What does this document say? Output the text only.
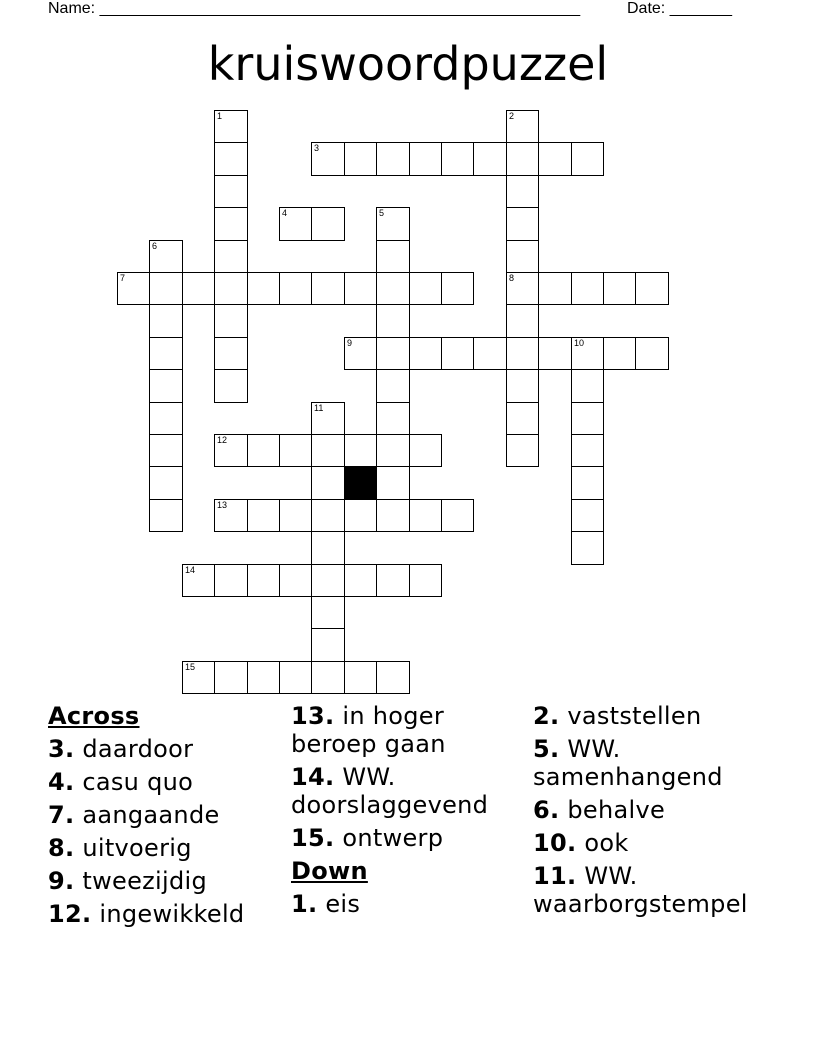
Name: ______________________________________________________	Date: _______
kruiswoordpuzzel
1	2
8
3
4	5
6
7
9	10
11
12
13
14
15
Across
3. daardoor
4. casu quo
7. aangaande
8. uitvoerig
9. tweezijdig
12. ingewikkeld
13. in hoger beroep gaan
14. WW. doorslaggevend
15. ontwerp
Down
1. eis
2. vaststellen
5. WW. samenhangend
6. behalve
10. ook
11. WW. waarborgstempel
